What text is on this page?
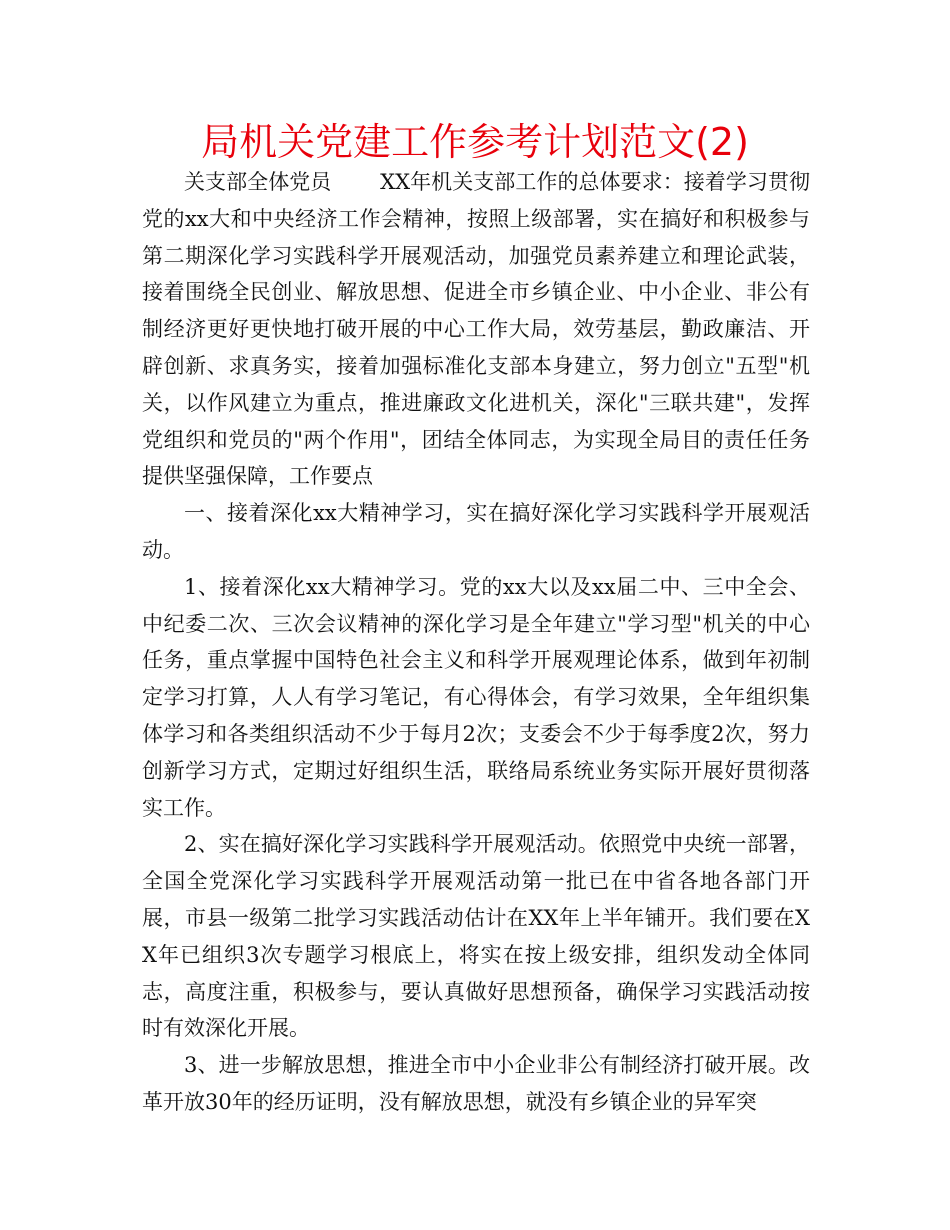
局机关党建工作参考计划范文(2)

关支部全体党员 　　XX年机关支部工作的总体要求：接着学习贯彻党的xx大和中央经济工作会精神，按照上级部署，实在搞好和积极参与第二期深化学习实践科学开展观活动，加强党员素养建立和理论武装，接着围绕全民创业、解放思想、促进全市乡镇企业、中小企业、非公有制经济更好更快地打破开展的中心工作大局，效劳基层，勤政廉洁、开辟创新、求真务实，接着加强标准化支部本身建立，努力创立"五型"机关，以作风建立为重点，推进廉政文化进机关，深化"三联共建"，发挥党组织和党员的"两个作用"，团结全体同志，为实现全局目的责任任务提供坚强保障，工作要点

一、接着深化xx大精神学习，实在搞好深化学习实践科学开展观活动。

1、接着深化xx大精神学习。党的xx大以及xx届二中、三中全会、中纪委二次、三次会议精神的深化学习是全年建立"学习型"机关的中心任务，重点掌握中国特色社会主义和科学开展观理论体系，做到年初制定学习打算，人人有学习笔记，有心得体会，有学习效果，全年组织集体学习和各类组织活动不少于每月2次；支委会不少于每季度2次，努力创新学习方式，定期过好组织生活，联络局系统业务实际开展好贯彻落实工作。

2、实在搞好深化学习实践科学开展观活动。依照党中央统一部署，全国全党深化学习实践科学开展观活动第一批已在中省各地各部门开展，市县一级第二批学习实践活动估计在XX年上半年铺开。我们要在XX年已组织3次专题学习根底上，将实在按上级安排，组织发动全体同志，高度注重，积极参与，要认真做好思想预备，确保学习实践活动按时有效深化开展。

3、进一步解放思想，推进全市中小企业非公有制经济打破开展。改革开放30年的经历证明，没有解放思想，就没有乡镇企业的异军突
